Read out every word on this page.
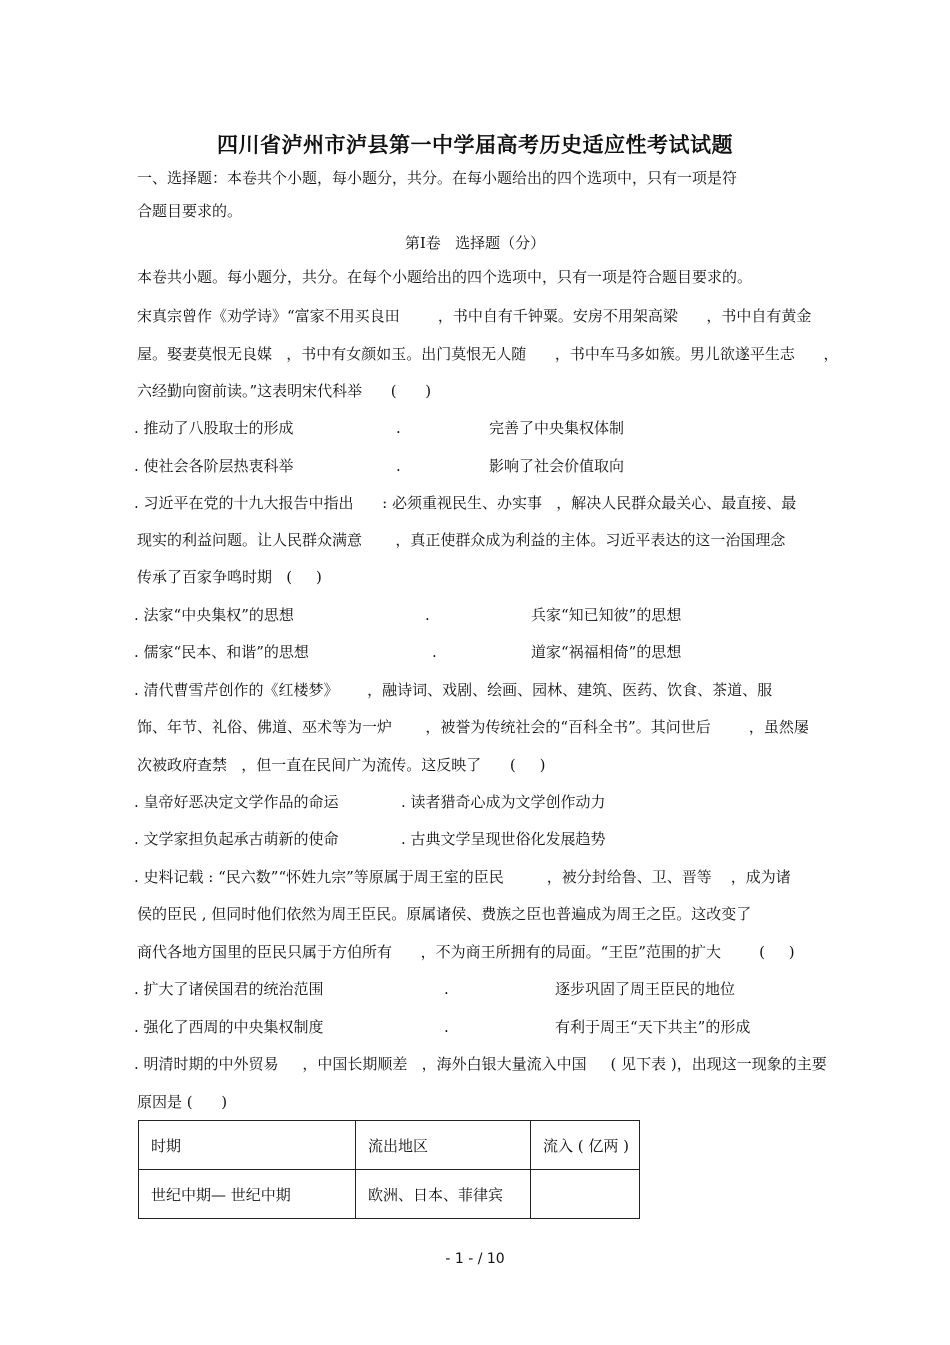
四川省泸州市泸县第一中学届高考历史适应性考试试题
一、选择题：本卷共个小题，每小题分，共分。在每小题给出的四个选项中，只有一项是符
合题目要求的。
第Ⅰ卷   选择题（分）
本卷共小题。每小题分，共分。在每个小题给出的四个选项中，只有一项是符合题目要求的。
宋真宗曾作《劝学诗》“富家不用买良田        ，书中自有千钟粟。安房不用架高梁      ，书中自有黄金
屋。娶妻莫恨无良媒   ，书中有女颜如玉。出门莫恨无人随      ，书中车马多如簇。男儿欲遂平生志      ，
六经勤向窗前读。”这表明宋代科举      (      )
. 推动了八股取士的形成	.	完善了中央集权体制
. 使社会各阶层热衷科举	.	影响了社会价值取向
. 习近平在党的十九大报告中指出      : 必须重视民生、办实事   ，解决人民群众最关心、最直接、最
现实的利益问题。让人民群众满意       ，真正使群众成为利益的主体。习近平表达的这一治国理念
传承了百家争鸣时期   (     )
. 法家“中央集权”的思想	.	兵家“知已知彼”的思想
. 儒家“民本、和谐”的思想	.	道家“祸福相倚”的思想
. 清代曹雪芹创作的《红楼梦》      ，融诗词、戏剧、绘画、园林、建筑、医药、饮食、茶道、服
饰、年节、礼俗、佛道、巫术等为一炉       ，被誉为传统社会的“百科全书”。其问世后        ，虽然屡
次被政府查禁   ，但一直在民间广为流传。这反映了      (     )
. 皇帝好恶决定文学作品的命运	. 读者猎奇心成为文学创作动力
. 文学家担负起承古萌新的使命	. 古典文学呈现世俗化发展趋势
. 史料记载 : “民六数”“怀姓九宗”等原属于周王室的臣民         ，被分封给鲁、卫、晋等    ，成为诸
侯的臣民 , 但同时他们依然为周王臣民。原属诸侯、费族之臣也普遍成为周王之臣。这改变了
商代各地方国里的臣民只属于方伯所有      ，不为商王所拥有的局面。“王臣”范围的扩大        (     )
. 扩大了诸侯国君的统治范围	.	逐步巩固了周王臣民的地位
. 强化了西周的中央集权制度	.	有利于周王“天下共主”的形成
. 明清时期的中外贸易     ，中国长期顺差   ，海外白银大量流入中国     ( 见下表 )，出现这一现象的主要
原因是 (      )
时期	流出地区	流入 ( 亿两 )
世纪中期— 世纪中期	欧洲、日本、菲律宾	
- 1 - / 10
